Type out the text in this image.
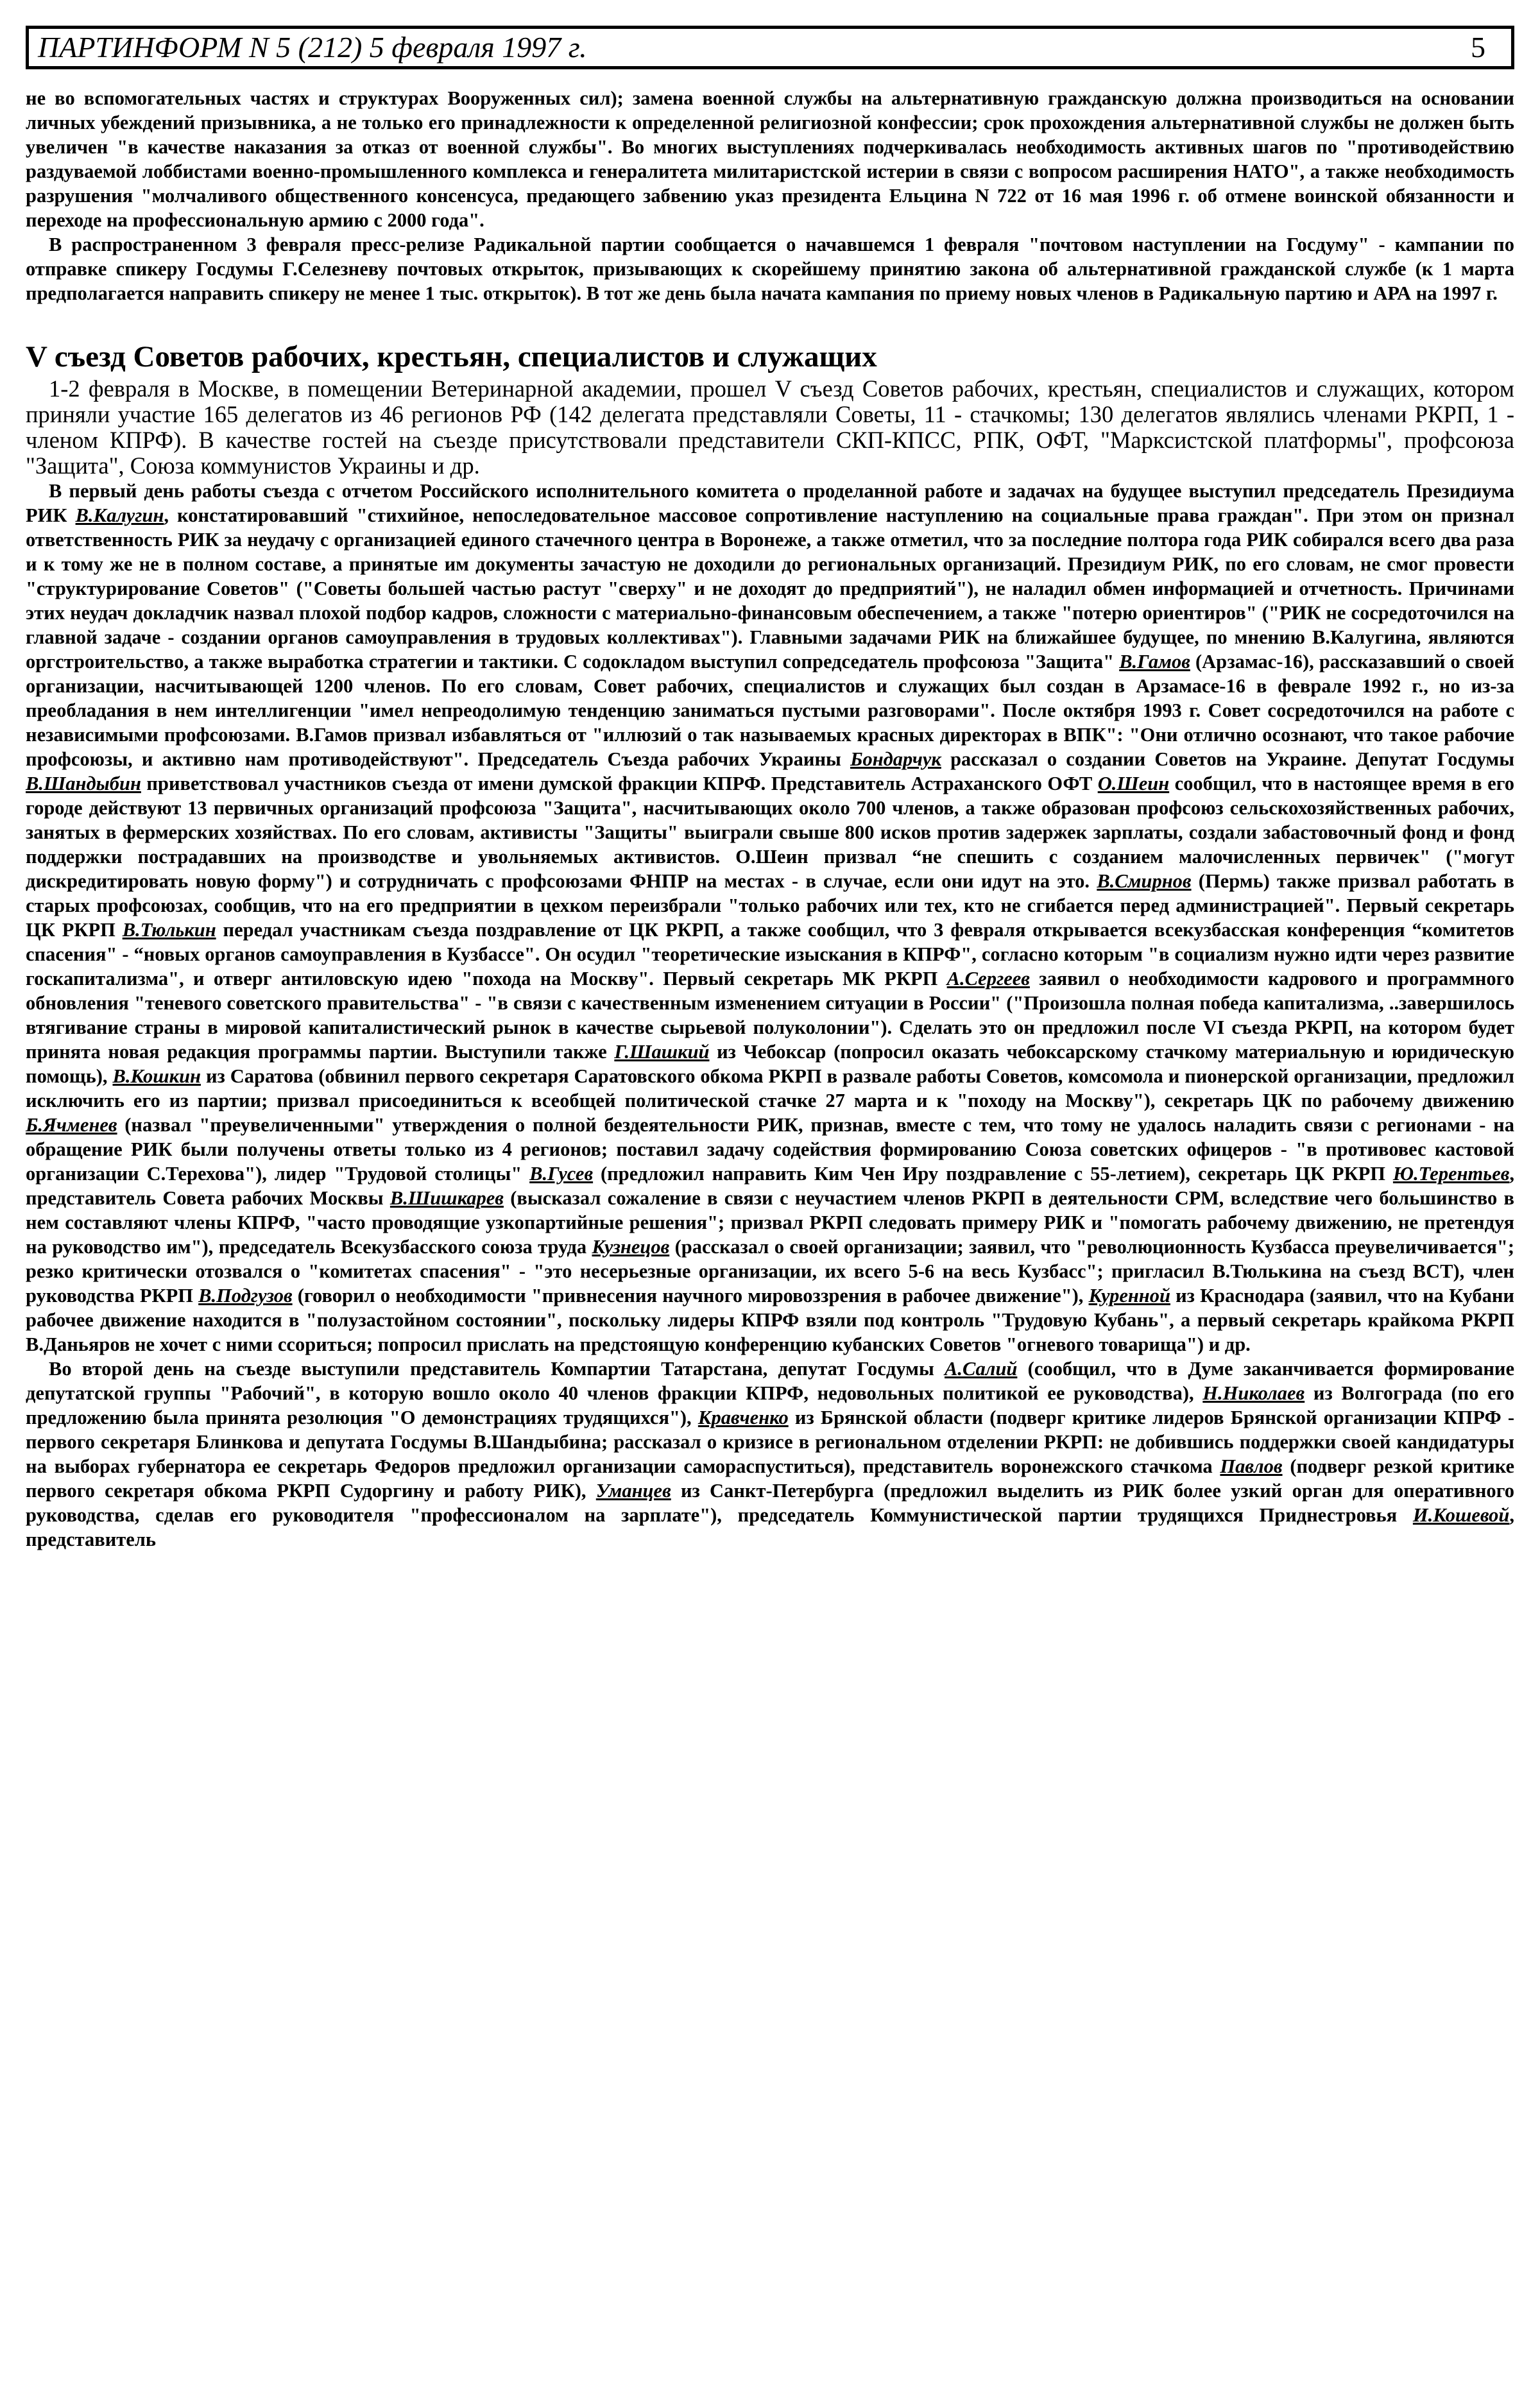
ПАРТИНФОРМ N 5 (212) 5 февраля 1997 г.	5

не во вспомогательных частях и структурах Вооруженных сил); замена военной службы на альтернативную гражданскую должна производиться на основании личных убеждений призывника, а не только его принадлежности к определенной религиозной конфессии; срок прохождения альтернативной службы не должен быть увеличен "в качестве наказания за отказ от военной службы". Во многих выступлениях подчеркивалась необходимость активных шагов по "противодействию раздуваемой лоббистами военно-промышленного комплекса и генералитета милитаристской истерии в связи с вопросом расширения НАТО", а также необходимость разрушения "молчаливого общественного консенсуса, предающего забвению указ президента Ельцина N 722 от 16 мая 1996 г. об отмене воинской обязанности и переходе на профессиональную армию с 2000 года".

В распространенном 3 февраля пресс-релизе Радикальной партии сообщается о начавшемся 1 февраля "почтовом наступлении на Госдуму" - кампании по отправке спикеру Госдумы Г.Селезневу почтовых открыток, призывающих к скорейшему принятию закона об альтернативной гражданской службе (к 1 марта предполагается направить спикеру не менее 1 тыс. открыток). В тот же день была начата кампания по приему новых членов в Радикальную партию и АРА на 1997 г.

V съезд Советов рабочих, крестьян, специалистов и служащих

1-2 февраля в Москве, в помещении Ветеринарной академии, прошел V съезд Советов рабочих, крестьян, специалистов и служащих, котором приняли участие 165 делегатов из 46 регионов РФ (142 делегата представляли Советы, 11 - стачкомы; 130 делегатов являлись членами РКРП, 1 - членом КПРФ). В качестве гостей на съезде присутствовали представители СКП-КПСС, РПК, ОФТ, "Марксистской платформы", профсоюза "Защита", Союза коммунистов Украины и др.

В первый день работы съезда с отчетом Российского исполнительного комитета о проделанной работе и задачах на будущее выступил председатель Президиума РИК В.Калугин, констатировавший "стихийное, непоследовательное массовое сопротивление наступлению на социальные права граждан". При этом он признал ответственность РИК за неудачу с организацией единого стачечного центра в Воронеже, а также отметил, что за последние полтора года РИК собирался всего два раза и к тому же не в полном составе, а принятые им документы зачастую не доходили до региональных организаций. Президиум РИК, по его словам, не смог провести "структурирование Советов" ("Советы большей частью растут "сверху" и не доходят до предприятий"), не наладил обмен информацией и отчетность. Причинами этих неудач докладчик назвал плохой подбор кадров, сложности с материально-финансовым обеспечением, а также "потерю ориентиров" ("РИК не сосредоточился на главной задаче - создании органов самоуправления в трудовых коллективах"). Главными задачами РИК на ближайшее будущее, по мнению В.Калугина, являются оргстроительство, а также выработка стратегии и тактики. С содокладом выступил сопредседатель профсоюза "Защита" В.Гамов (Арзамас-16), рассказавший о своей организации, насчитывающей 1200 членов. По его словам, Совет рабочих, специалистов и служащих был создан в Арзамасе-16 в феврале 1992 г., но из-за преобладания в нем интеллигенции "имел непреодолимую тенденцию заниматься пустыми разговорами". После октября 1993 г. Совет сосредоточился на работе с независимыми профсоюзами. В.Гамов призвал избавляться от "иллюзий о так называемых красных директорах в ВПК": "Они отлично осознают, что такое рабочие профсоюзы, и активно нам противодействуют". Председатель Съезда рабочих Украины Бондарчук рассказал о создании Советов на Украине. Депутат Госдумы В.Шандыбин приветствовал участников съезда от имени думской фракции КПРФ. Представитель Астраханского ОФТ О.Шеин сообщил, что в настоящее время в его городе действуют 13 первичных организаций профсоюза "Защита", насчитывающих около 700 членов, а также образован профсоюз сельскохозяйственных рабочих, занятых в фермерских хозяйствах. По его словам, активисты "Защиты" выиграли свыше 800 исков против задержек зарплаты, создали забастовочный фонд и фонд поддержки пострадавших на производстве и увольняемых активистов. О.Шеин призвал “не спешить с созданием малочисленных первичек" ("могут дискредитировать новую форму") и сотрудничать с профсоюзами ФНПР на местах - в случае, если они идут на это. В.Смирнов (Пермь) также призвал работать в старых профсоюзах, сообщив, что на его предприятии в цехком переизбрали "только рабочих или тех, кто не сгибается перед администрацией". Первый секретарь ЦК РКРП В.Тюлькин передал участникам съезда поздравление от ЦК РКРП, а также сообщил, что 3 февраля открывается всекузбасская конференция “комитетов спасения" - “новых органов самоуправления в Кузбассе". Он осудил "теоретические изыскания в КПРФ", согласно которым "в социализм нужно идти через развитие госкапитализма", и отверг антиловскую идею "похода на Москву". Первый секретарь МК РКРП А.Сергеев заявил о необходимости кадрового и программного обновления "теневого советского правительства" - "в связи с качественным изменением ситуации в России" ("Произошла полная победа капитализма, ..завершилось втягивание страны в мировой капиталистический рынок в качестве сырьевой полуколонии"). Сделать это он предложил после VI съезда РКРП, на котором будет принята новая редакция программы партии. Выступили также Г.Шашкий из Чебоксар (попросил оказать чебоксарскому стачкому материальную и юридическую помощь), В.Кошкин из Саратова (обвинил первого секретаря Саратовского обкома РКРП в развале работы Советов, комсомола и пионерской организации, предложил исключить его из партии; призвал присоединиться к всеобщей политической стачке 27 марта и к "походу на Москву"), секретарь ЦК по рабочему движению Б.Ячменев (назвал "преувеличенными" утверждения о полной бездеятельности РИК, признав, вместе с тем, что тому не удалось наладить связи с регионами - на обращение РИК были получены ответы только из 4 регионов; поставил задачу содействия формированию Союза советских офицеров - "в противовес кастовой организации С.Терехова"), лидер "Трудовой столицы" В.Гусев (предложил направить Ким Чен Иру поздравление с 55-летием), секретарь ЦК РКРП Ю.Терентьев, представитель Совета рабочих Москвы В.Шишкарев (высказал сожаление в связи с неучастием членов РКРП в деятельности СРМ, вследствие чего большинство в нем составляют члены КПРФ, "часто проводящие узкопартийные решения"; призвал РКРП следовать примеру РИК и "помогать рабочему движению, не претендуя на руководство им"), председатель Всекузбасского союза труда Кузнецов (рассказал о своей организации; заявил, что "революционность Кузбасса преувеличивается"; резко критически отозвался о "комитетах спасения" - "это несерьезные организации, их всего 5-6 на весь Кузбасс"; пригласил В.Тюлькина на съезд ВСТ), член руководства РКРП В.Подгузов (говорил о необходимости "привнесения научного мировоззрения в рабочее движение"), Куренной из Краснодара (заявил, что на Кубани рабочее движение находится в "полузастойном состоянии", поскольку лидеры КПРФ взяли под контроль "Трудовую Кубань", а первый секретарь крайкома РКРП В.Даньяров не хочет с ними ссориться; попросил прислать на предстоящую конференцию кубанских Советов "огневого товарища") и др.

Во второй день на съезде выступили представитель Компартии Татарстана, депутат Госдумы А.Салий (сообщил, что в Думе заканчивается формирование депутатской группы "Рабочий", в которую вошло около 40 членов фракции КПРФ, недовольных политикой ее руководства), Н.Николаев из Волгограда (по его предложению была принята резолюция "О демонстрациях трудящихся"), Кравченко из Брянской области (подверг критике лидеров Брянской организации КПРФ - первого секретаря Блинкова и депутата Госдумы В.Шандыбина; рассказал о кризисе в региональном отделении РКРП: не добившись поддержки своей кандидатуры на выборах губернатора ее секретарь Федоров предложил организации самораспуститься), представитель воронежского стачкома Павлов (подверг резкой критике первого секретаря обкома РКРП Судоргину и работу РИК), Уманцев из Санкт-Петербурга (предложил выделить из РИК более узкий орган для оперативного руководства, сделав его руководителя "профессионалом на зарплате"), председатель Коммунистической партии трудящихся Приднестровья И.Кошевой, представитель
